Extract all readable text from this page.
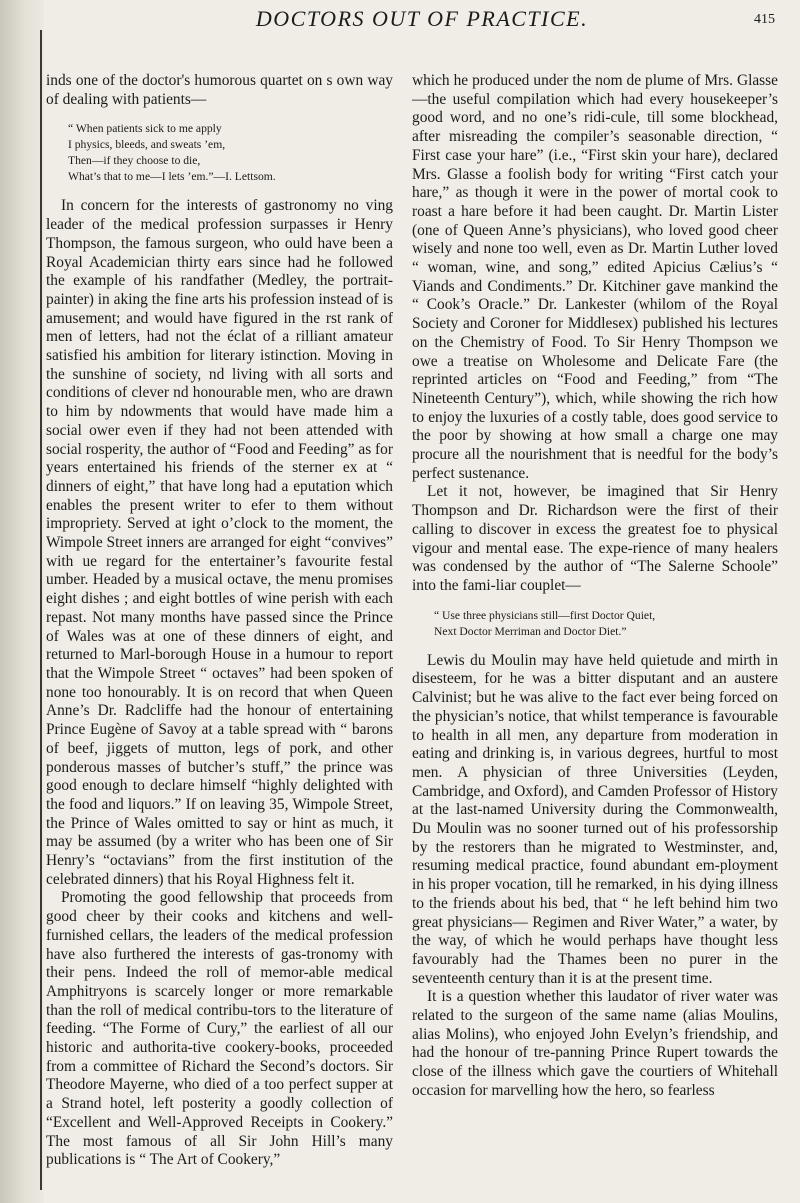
DOCTORS OUT OF PRACTICE.	415

inds one of the doctor's humorous quartet on s own way of dealing with patients—

“ When patients sick to me apply

I physics, bleeds, and sweats ’em,

Then—if they choose to die,

What’s that to me—I lets ’em.”—I. Lettsom.

In concern for the interests of gastronomy no ving leader of the medical profession surpasses ir Henry Thompson, the famous surgeon, who ould have been a Royal Academician thirty ears since had he followed the example of his randfather (Medley, the portrait-painter) in aking the fine arts his profession instead of is amusement; and would have figured in the rst rank of men of letters, had not the éclat of a rilliant amateur satisfied his ambition for literary istinction. Moving in the sunshine of society, nd living with all sorts and conditions of clever nd honourable men, who are drawn to him by ndowments that would have made him a social ower even if they had not been attended with social rosperity, the author of “Food and Feeding” as for years entertained his friends of the sterner ex at “ dinners of eight,” that have long had a eputation which enables the present writer to efer to them without impropriety. Served at ight o’clock to the moment, the Wimpole Street inners are arranged for eight “convives” with ue regard for the entertainer’s favourite festal umber. Headed by a musical octave, the menu promises eight dishes ; and eight bottles of wine perish with each repast. Not many months have passed since the Prince of Wales was at one of these dinners of eight, and returned to Marl-borough House in a humour to report that the Wimpole Street “ octaves” had been spoken of none too honourably. It is on record that when Queen Anne’s Dr. Radcliffe had the honour of entertaining Prince Eugène of Savoy at a table spread with “ barons of beef, jiggets of mutton, legs of pork, and other ponderous masses of butcher’s stuff,” the prince was good enough to declare himself “highly delighted with the food and liquors.” If on leaving 35, Wimpole Street, the Prince of Wales omitted to say or hint as much, it may be assumed (by a writer who has been one of Sir Henry’s “octavians” from the first institution of the celebrated dinners) that his Royal Highness felt it.

Promoting the good fellowship that proceeds from good cheer by their cooks and kitchens and well-furnished cellars, the leaders of the medical profession have also furthered the interests of gas-tronomy with their pens. Indeed the roll of memor-able medical Amphitryons is scarcely longer or more remarkable than the roll of medical contribu-tors to the literature of feeding. “The Forme of Cury,” the earliest of all our historic and authorita-tive cookery-books, proceeded from a committee of Richard the Second’s doctors. Sir Theodore Mayerne, who died of a too perfect supper at a Strand hotel, left posterity a goodly collection of “Excellent and Well-Approved Receipts in Cookery.” The most famous of all Sir John Hill’s many publications is “ The Art of Cookery,”

which he produced under the nom de plume of Mrs. Glasse—the useful compilation which had every housekeeper’s good word, and no one’s ridi-cule, till some blockhead, after misreading the compiler’s seasonable direction, “ First case your hare” (i.e., “First skin your hare), declared Mrs. Glasse a foolish body for writing “First catch your hare,” as though it were in the power of mortal cook to roast a hare before it had been caught. Dr. Martin Lister (one of Queen Anne’s physicians), who loved good cheer wisely and none too well, even as Dr. Martin Luther loved “ woman, wine, and song,” edited Apicius Cælius’s “ Viands and Condiments.” Dr. Kitchiner gave mankind the “ Cook’s Oracle.” Dr. Lankester (whilom of the Royal Society and Coroner for Middlesex) published his lectures on the Chemistry of Food. To Sir Henry Thompson we owe a treatise on Wholesome and Delicate Fare (the reprinted articles on “Food and Feeding,” from “The Nineteenth Century”), which, while showing the rich how to enjoy the luxuries of a costly table, does good service to the poor by showing at how small a charge one may procure all the nourishment that is needful for the body’s perfect sustenance.

Let it not, however, be imagined that Sir Henry Thompson and Dr. Richardson were the first of their calling to discover in excess the greatest foe to physical vigour and mental ease. The expe-rience of many healers was condensed by the author of “The Salerne Schoole” into the fami-liar couplet—

“ Use three physicians still—first Doctor Quiet,

Next Doctor Merriman and Doctor Diet.”

Lewis du Moulin may have held quietude and mirth in disesteem, for he was a bitter disputant and an austere Calvinist; but he was alive to the fact ever being forced on the physician’s notice, that whilst temperance is favourable to health in all men, any departure from moderation in eating and drinking is, in various degrees, hurtful to most men. A physician of three Universities (Leyden, Cambridge, and Oxford), and Camden Professor of History at the last-named University during the Commonwealth, Du Moulin was no sooner turned out of his professorship by the restorers than he migrated to Westminster, and, resuming medical practice, found abundant em-ployment in his proper vocation, till he remarked, in his dying illness to the friends about his bed, that “ he left behind him two great physicians— Regimen and River Water,” a water, by the way, of which he would perhaps have thought less favourably had the Thames been no purer in the seventeenth century than it is at the present time.

It is a question whether this laudator of river water was related to the surgeon of the same name (alias Moulins, alias Molins), who enjoyed John Evelyn’s friendship, and had the honour of tre-panning Prince Rupert towards the close of the illness which gave the courtiers of Whitehall occasion for marvelling how the hero, so fearless
